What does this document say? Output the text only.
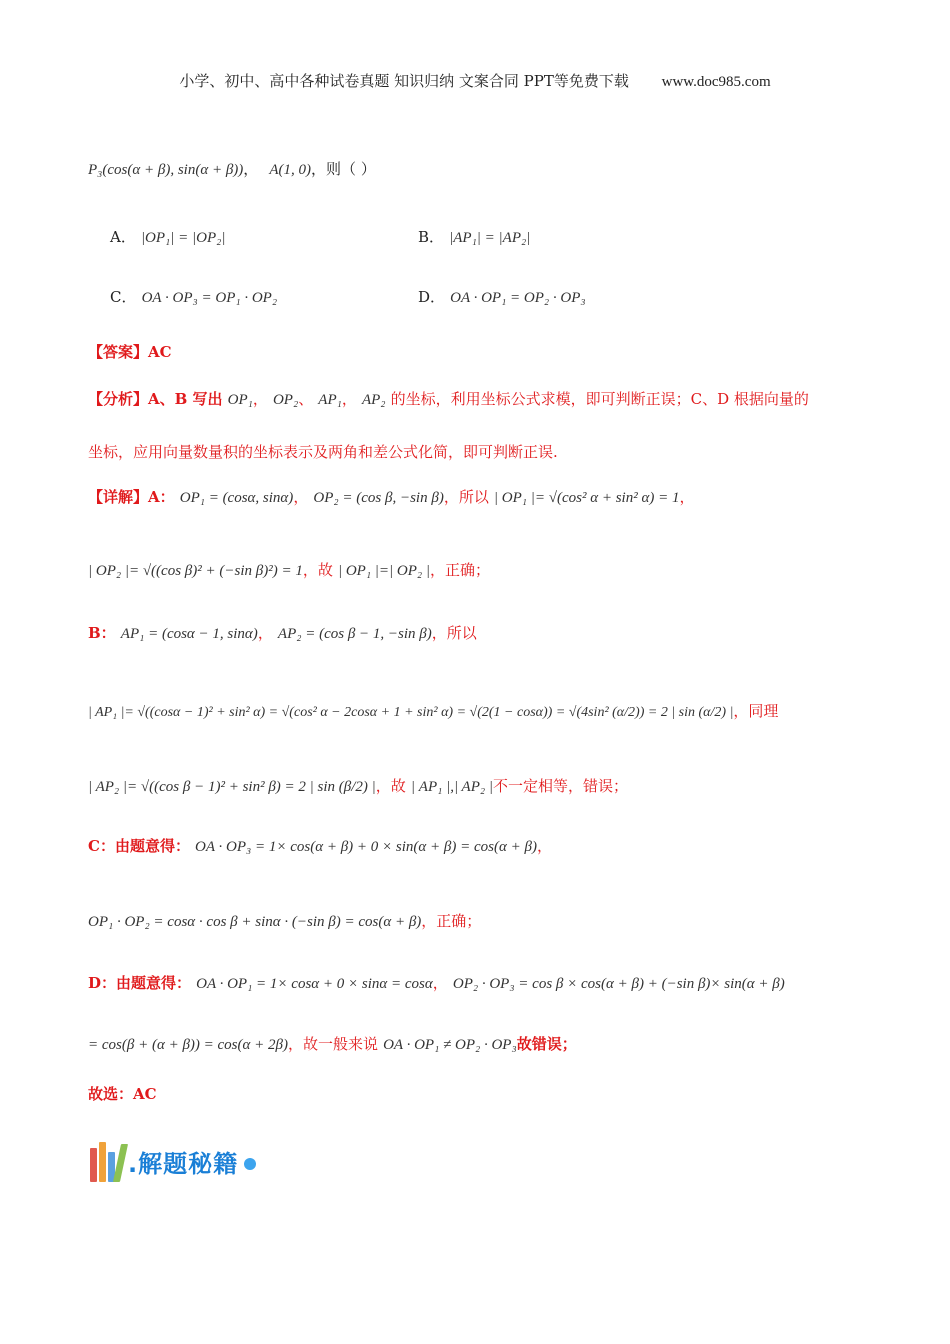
小学、初中、高中各种试卷真题 知识归纳 文案合同 PPT等免费下载 www.doc985.com
P₃(cos(α + β), sin(α + β))， A(1, 0)，则（ ）
A． |OP₁| = |OP₂|	B． |AP₁| = |AP₂|
C． OA · OP₃ = OP₁ · OP₂	D． OA · OP₁ = OP₂ · OP₃
【答案】AC
【分析】A、B 写出 OP₁， OP₂、 AP₁， AP₂ 的坐标，利用坐标公式求模，即可判断正误；C、D 根据向量的
坐标，应用向量数量积的坐标表示及两角和差公式化简，即可判断正误.
【详解】A： OP₁ = (cosα, sinα)， OP₂ = (cos β, −sin β)，所以 | OP₁ |= √(cos² α + sin² α) = 1，
| OP₂ |= √((cos β)² + (−sin β)²) = 1，故 | OP₁ |=| OP₂ |，正确；
B： AP₁ = (cosα − 1, sinα)， AP₂ = (cos β − 1, −sin β)，所以
| AP₁ |= √((cosα − 1)² + sin² α) = √(cos² α − 2cosα + 1 + sin² α) = √(2(1 − cosα)) = √(4sin² (α/2)) = 2 | sin (α/2) |，同理
| AP₂ |= √((cos β − 1)² + sin² β) = 2 | sin (β/2) |，故 | AP₁ |,| AP₂ |不一定相等，错误；
C：由题意得： OA · OP₃ = 1× cos(α + β) + 0 × sin(α + β) = cos(α + β)，
OP₁ · OP₂ = cosα · cos β + sinα · (−sin β) = cos(α + β)，正确；
D：由题意得： OA · OP₁ = 1× cosα + 0 × sinα = cosα， OP₂ · OP₃ = cos β × cos(α + β) + (−sin β)× sin(α + β)
= cos(β + (α + β)) = cos(α + 2β)，故一般来说 OA · OP₁ ≠ OP₂ · OP₃故错误；
故选：AC
.解题秘籍
